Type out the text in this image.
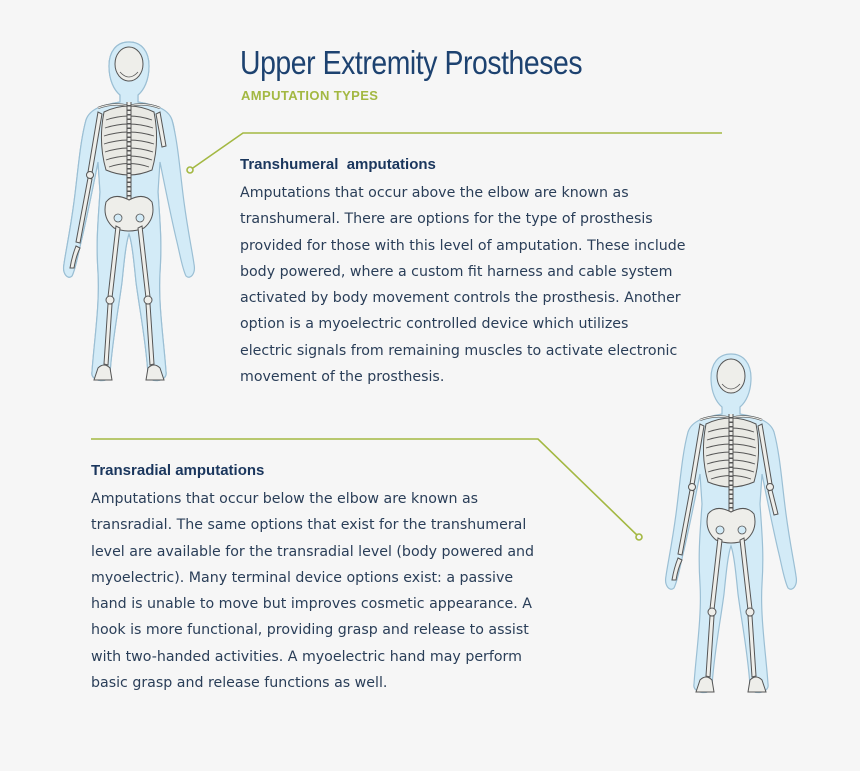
Upper Extremity Prostheses
AMPUTATION TYPES
Transhumeral  amputations

Amputations that occur above the elbow are known as
transhumeral. There are options for the type of prosthesis
provided for those with this level of amputation. These include
body powered, where a custom fit harness and cable system
activated by body movement controls the prosthesis. Another
option is a myoelectric controlled device which utilizes
electric signals from remaining muscles to activate electronic
movement of the prosthesis.

Transradial amputations

Amputations that occur below the elbow are known as
transradial. The same options that exist for the transhumeral
level are available for the transradial level (body powered and
myoelectric). Many terminal device options exist: a passive
hand is unable to move but improves cosmetic appearance. A
hook is more functional, providing grasp and release to assist
with two-handed activities. A myoelectric hand may perform
basic grasp and release functions as well.
